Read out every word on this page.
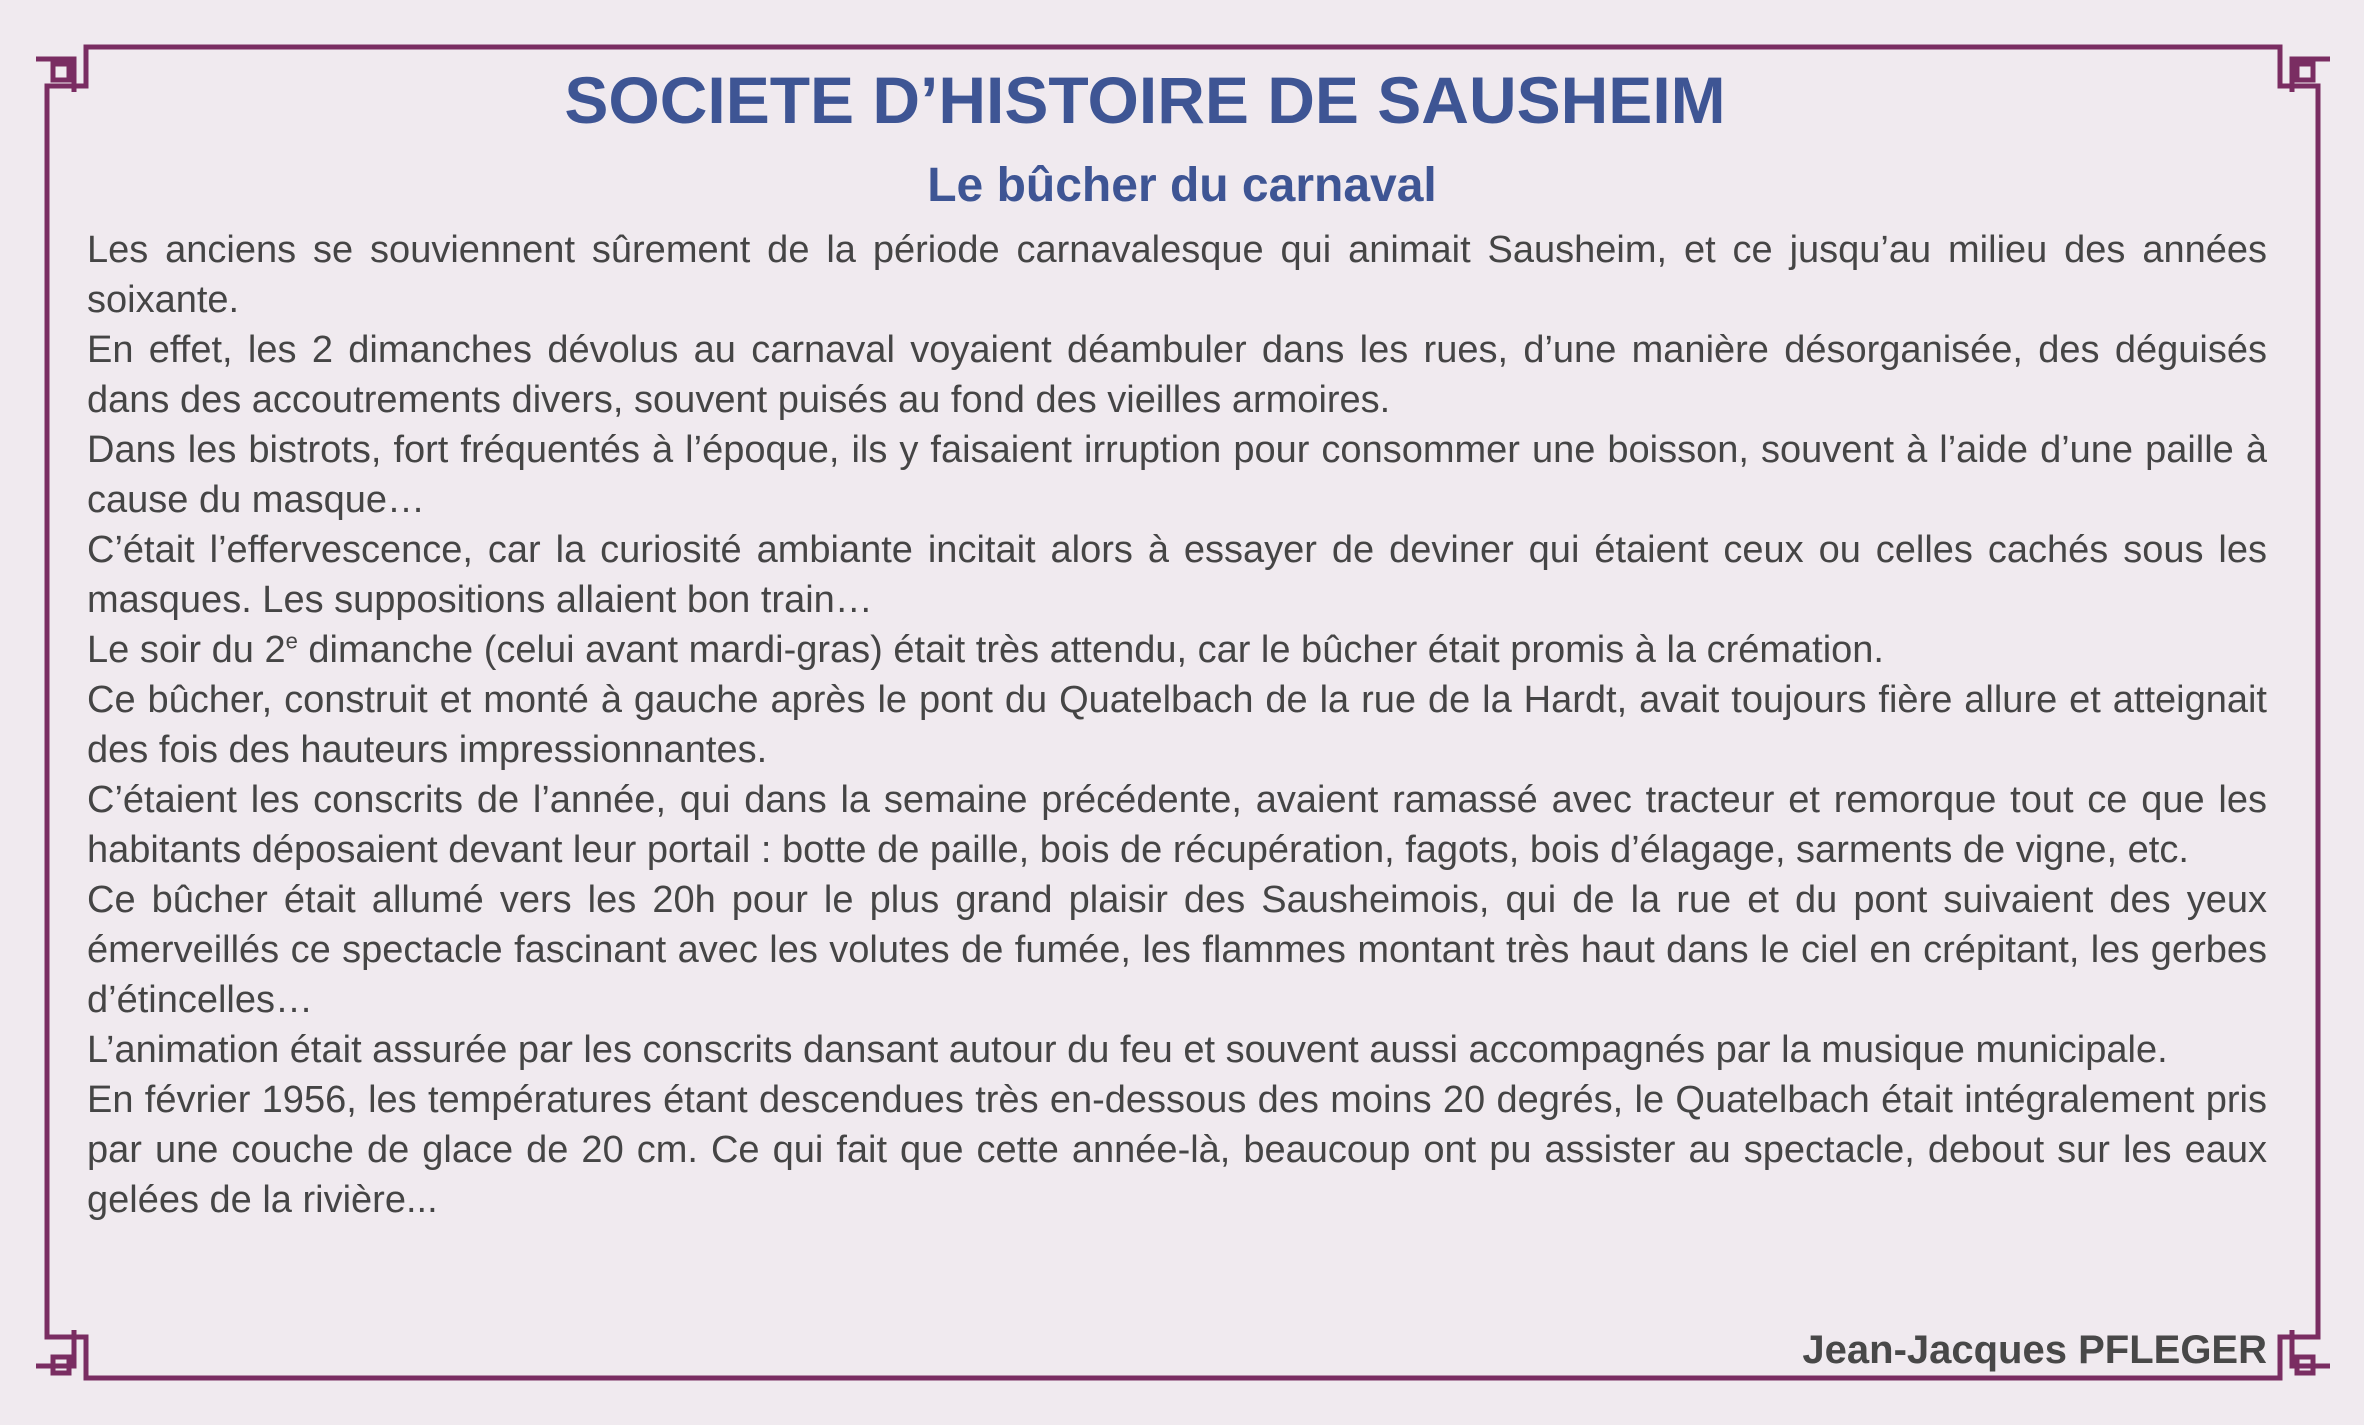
SOCIETE D’HISTOIRE DE SAUSHEIM
Le bûcher du carnaval

Les anciens se souviennent sûrement de la période carnavalesque qui animait Sausheim, et ce jusqu’au milieu des années soixante.

En effet, les 2 dimanches dévolus au carnaval voyaient déambuler dans les rues, d’une manière désorganisée, des déguisés dans des accoutrements divers, souvent puisés au fond des vieilles armoires.

Dans les bistrots, fort fréquentés à l’époque, ils y faisaient irruption pour consommer une boisson, souvent à l’aide d’une paille à cause du masque…

C’était l’effervescence, car la curiosité ambiante incitait alors à essayer de deviner qui étaient ceux ou celles cachés sous les masques. Les suppositions allaient bon train…

Le soir du 2e dimanche (celui avant mardi-gras) était très attendu, car le bûcher était promis à la crémation.

Ce bûcher, construit et monté à gauche après le pont du Quatelbach de la rue de la Hardt, avait toujours fière allure et atteignait des fois des hauteurs impressionnantes.

C’étaient les conscrits de l’année, qui dans la semaine précédente, avaient ramassé avec tracteur et remorque tout ce que les habitants déposaient devant leur portail : botte de paille, bois de récupération, fagots, bois d’élagage, sarments de vigne, etc.

Ce bûcher était allumé vers les 20h pour le plus grand plaisir des Sausheimois, qui de la rue et du pont suivaient des yeux émerveillés ce spectacle fascinant avec les volutes de fumée, les flammes montant très haut dans le ciel en crépitant, les gerbes d’étincelles…

L’animation était assurée par les conscrits dansant autour du feu et souvent aussi accompagnés par la musique municipale.

En février 1956, les températures étant descendues très en-dessous des moins 20 degrés, le Quatelbach était intégralement pris par une couche de glace de 20 cm. Ce qui fait que cette année-là, beaucoup ont pu assister au spectacle, debout sur les eaux gelées de la rivière...

Jean-Jacques PFLEGER
